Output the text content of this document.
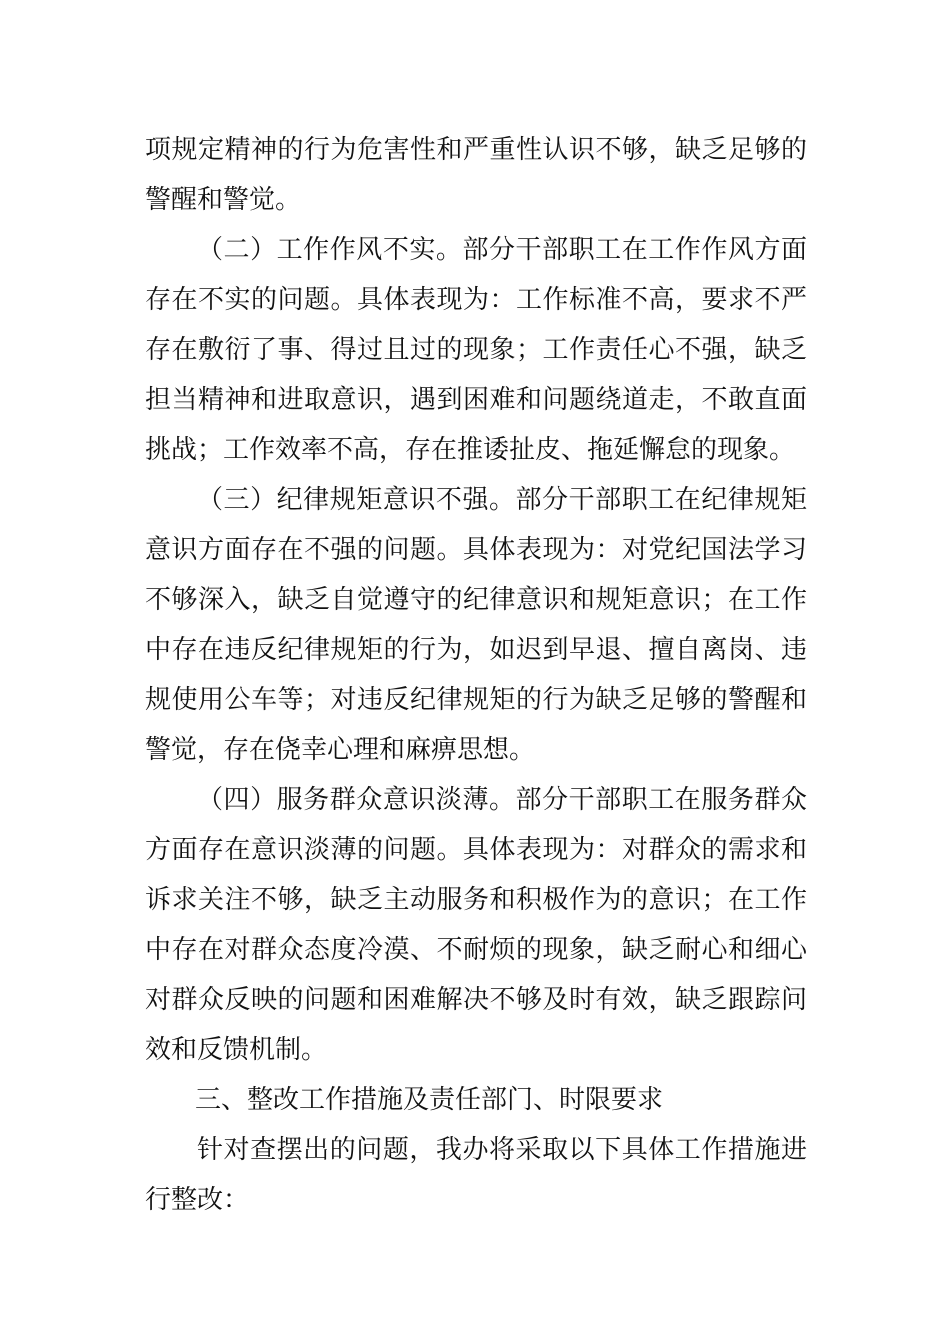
项规定精神的行为危害性和严重性认识不够，缺乏足够的警醒和警觉。

（二）工作作风不实。部分干部职工在工作作风方面存在不实的问题。具体表现为：工作标准不高，要求不严存在敷衍了事、得过且过的现象；工作责任心不强，缺乏担当精神和进取意识，遇到困难和问题绕道走，不敢直面挑战；工作效率不高，存在推诿扯皮、拖延懈怠的现象。

（三）纪律规矩意识不强。部分干部职工在纪律规矩意识方面存在不强的问题。具体表现为：对党纪国法学习不够深入，缺乏自觉遵守的纪律意识和规矩意识；在工作中存在违反纪律规矩的行为，如迟到早退、擅自离岗、违规使用公车等；对违反纪律规矩的行为缺乏足够的警醒和警觉，存在侥幸心理和麻痹思想。

（四）服务群众意识淡薄。部分干部职工在服务群众方面存在意识淡薄的问题。具体表现为：对群众的需求和诉求关注不够，缺乏主动服务和积极作为的意识；在工作中存在对群众态度冷漠、不耐烦的现象，缺乏耐心和细心对群众反映的问题和困难解决不够及时有效，缺乏跟踪问效和反馈机制。

三、整改工作措施及责任部门、时限要求

针对查摆出的问题，我办将采取以下具体工作措施进行整改：
